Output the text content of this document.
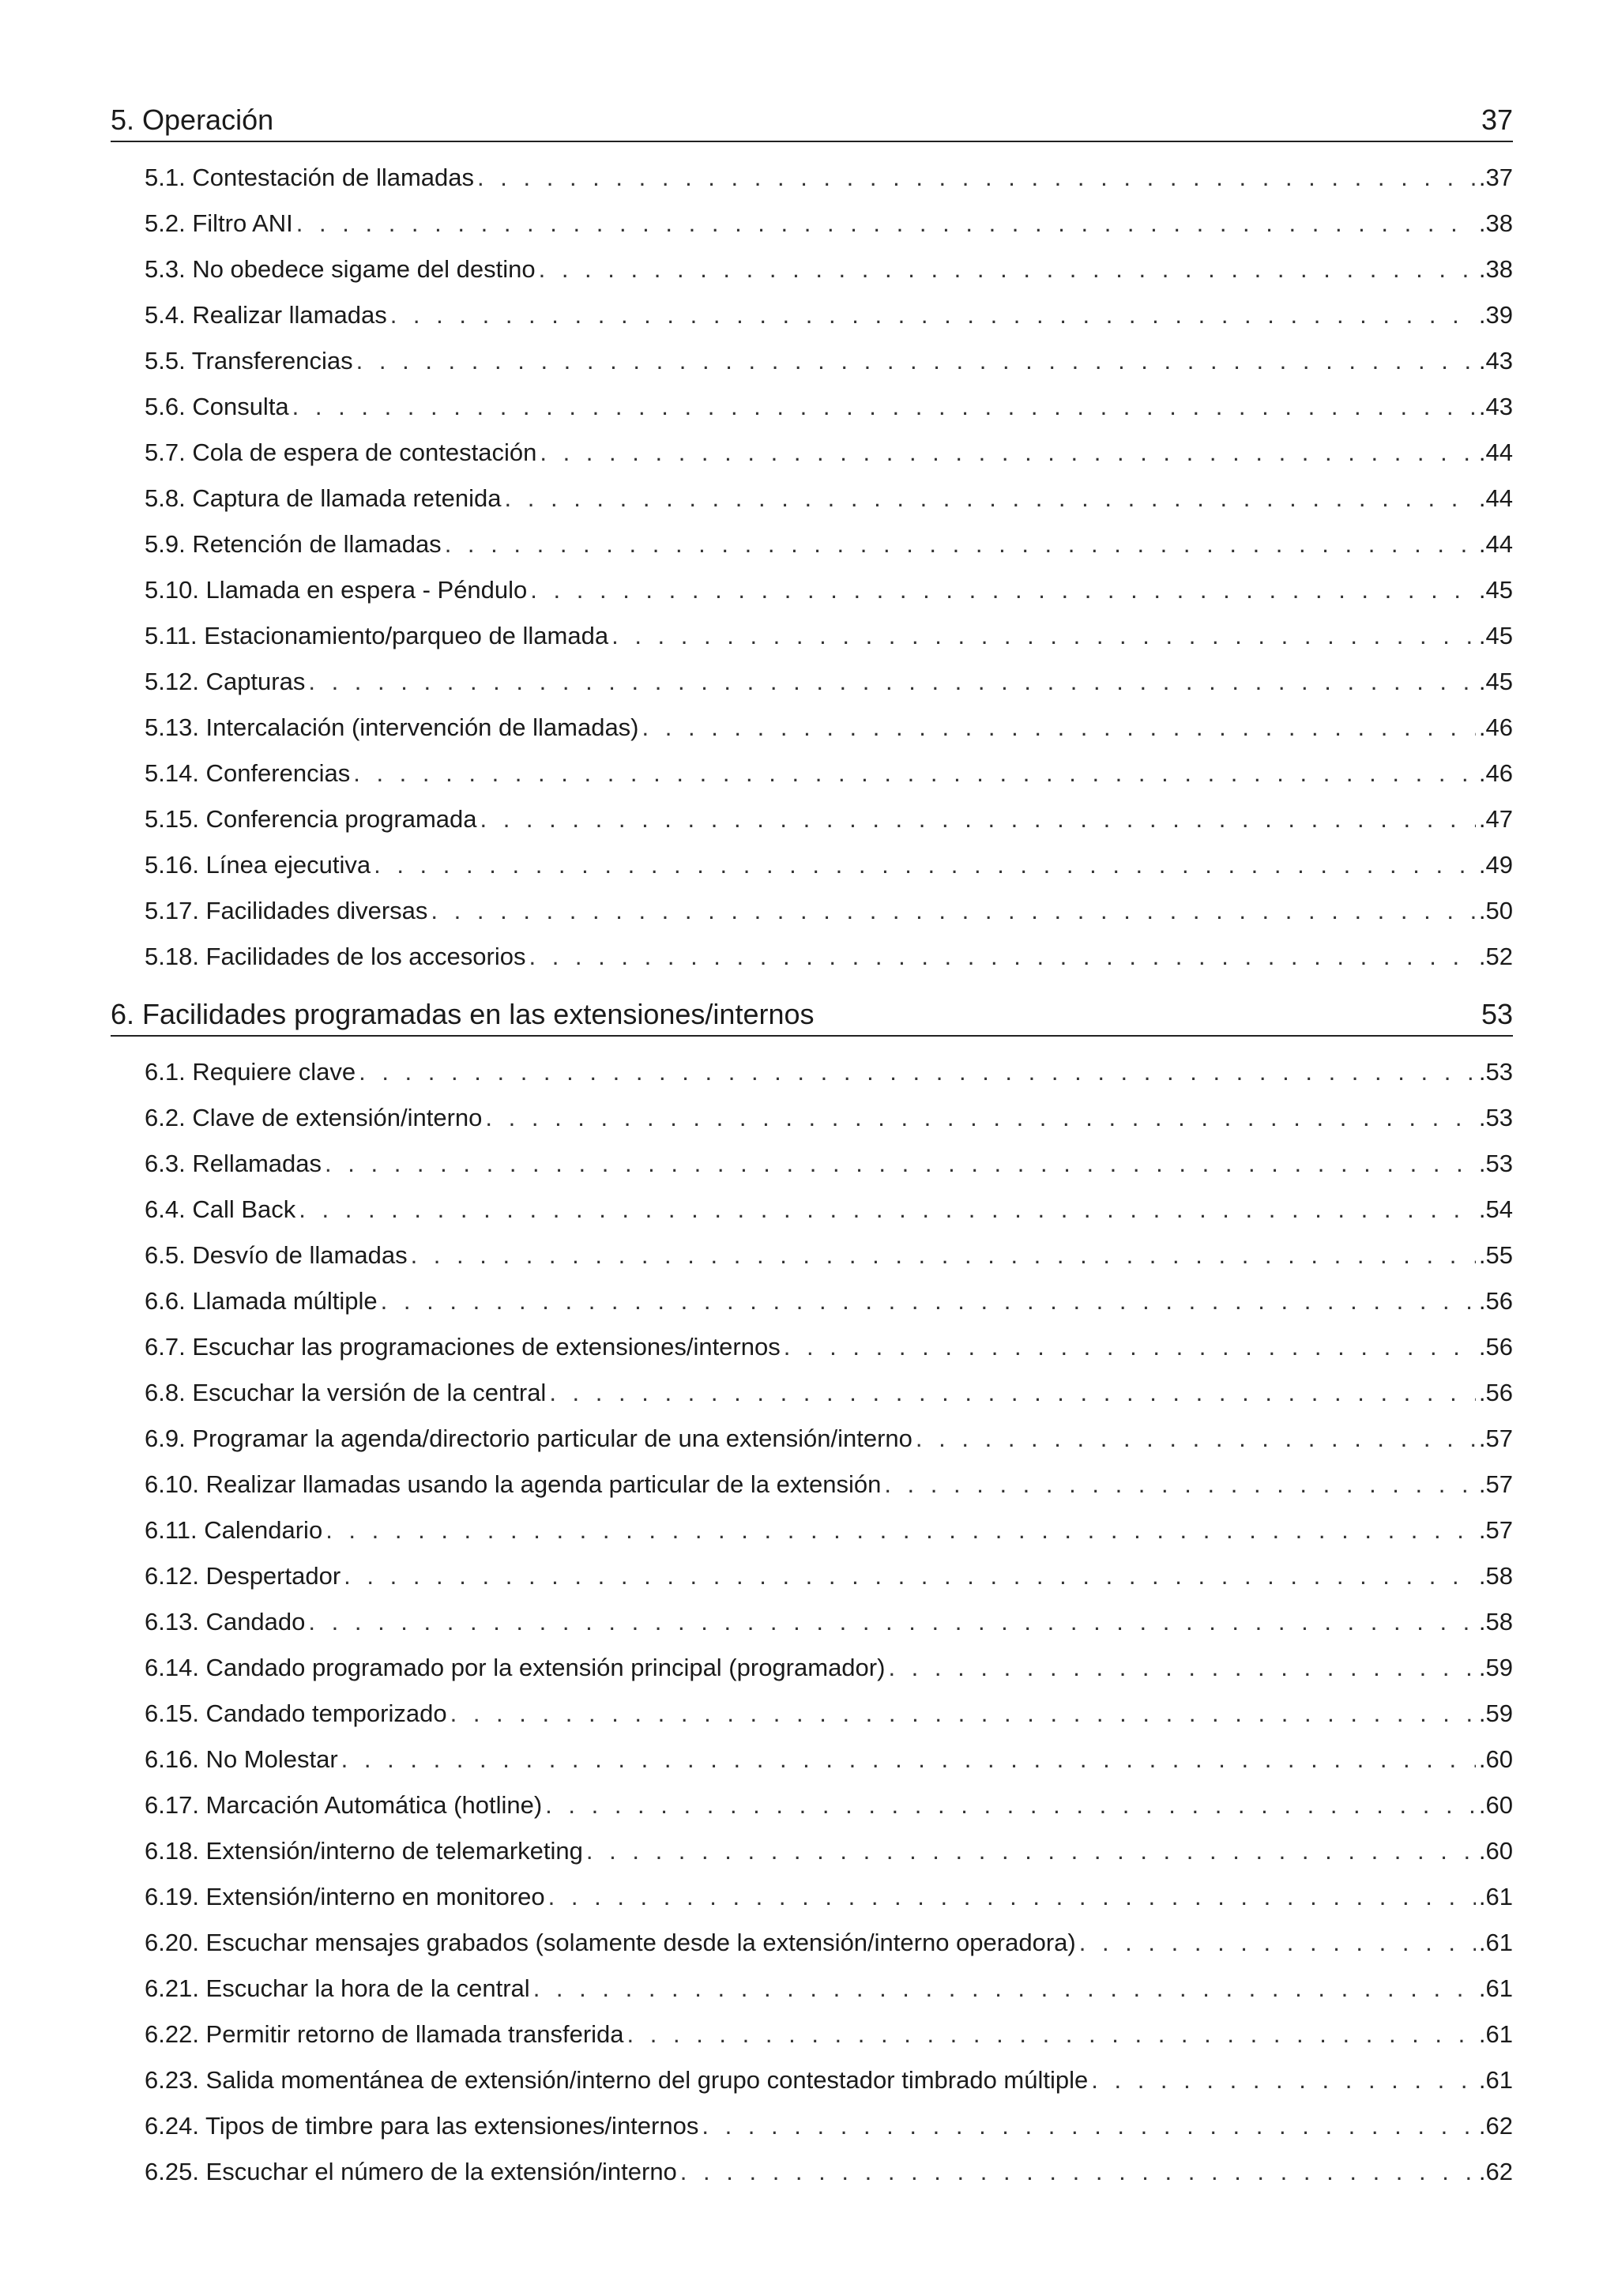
5. Operación	37
5.1. Contestación de llamadas . . .	.37
5.2. Filtro ANI . . .	.38
5.3. No obedece sigame del destino . . .	.38
5.4. Realizar llamadas . . .	.39
5.5. Transferencias . . .	.43
5.6. Consulta . . .	.43
5.7. Cola de espera de contestación . . .	.44
5.8. Captura de llamada retenida . . .	.44
5.9. Retención de llamadas . . .	.44
5.10. Llamada en espera - Péndulo . . .	.45
5.11. Estacionamiento/parqueo de llamada . . .	.45
5.12. Capturas . . .	.45
5.13. Intercalación (intervención de llamadas) . . .	.46
5.14. Conferencias . . .	.46
5.15. Conferencia programada . . .	.47
5.16. Línea ejecutiva . . .	.49
5.17. Facilidades diversas . . .	.50
5.18. Facilidades de los accesorios . . .	.52
6. Facilidades programadas en las extensiones/internos	53
6.1. Requiere clave . . .	.53
6.2. Clave de extensión/interno . . .	.53
6.3. Rellamadas . . .	.53
6.4. Call Back . . .	.54
6.5. Desvío de llamadas . . .	.55
6.6. Llamada múltiple . . .	.56
6.7. Escuchar las programaciones de extensiones/internos . . .	.56
6.8. Escuchar la versión de la central . . .	.56
6.9. Programar la agenda/directorio particular de una extensión/interno . . .	.57
6.10. Realizar llamadas usando la agenda particular de la extensión . . .	.57
6.11. Calendario . . .	.57
6.12. Despertador . . .	.58
6.13. Candado . . .	.58
6.14. Candado programado por la extensión principal (programador) . . .	.59
6.15. Candado temporizado . . .	.59
6.16. No Molestar . . .	.60
6.17. Marcación Automática (hotline) . . .	.60
6.18. Extensión/interno de telemarketing . . .	.60
6.19. Extensión/interno en monitoreo . . .	.61
6.20. Escuchar mensajes grabados (solamente desde la extensión/interno operadora) . . .	.61
6.21. Escuchar la hora de la central . . .	.61
6.22. Permitir retorno de llamada transferida . . .	.61
6.23. Salida momentánea de extensión/interno del grupo contestador timbrado múltiple . . .	.61
6.24. Tipos de timbre para las extensiones/internos . . .	.62
6.25. Escuchar el número de la extensión/interno . . .	.62
